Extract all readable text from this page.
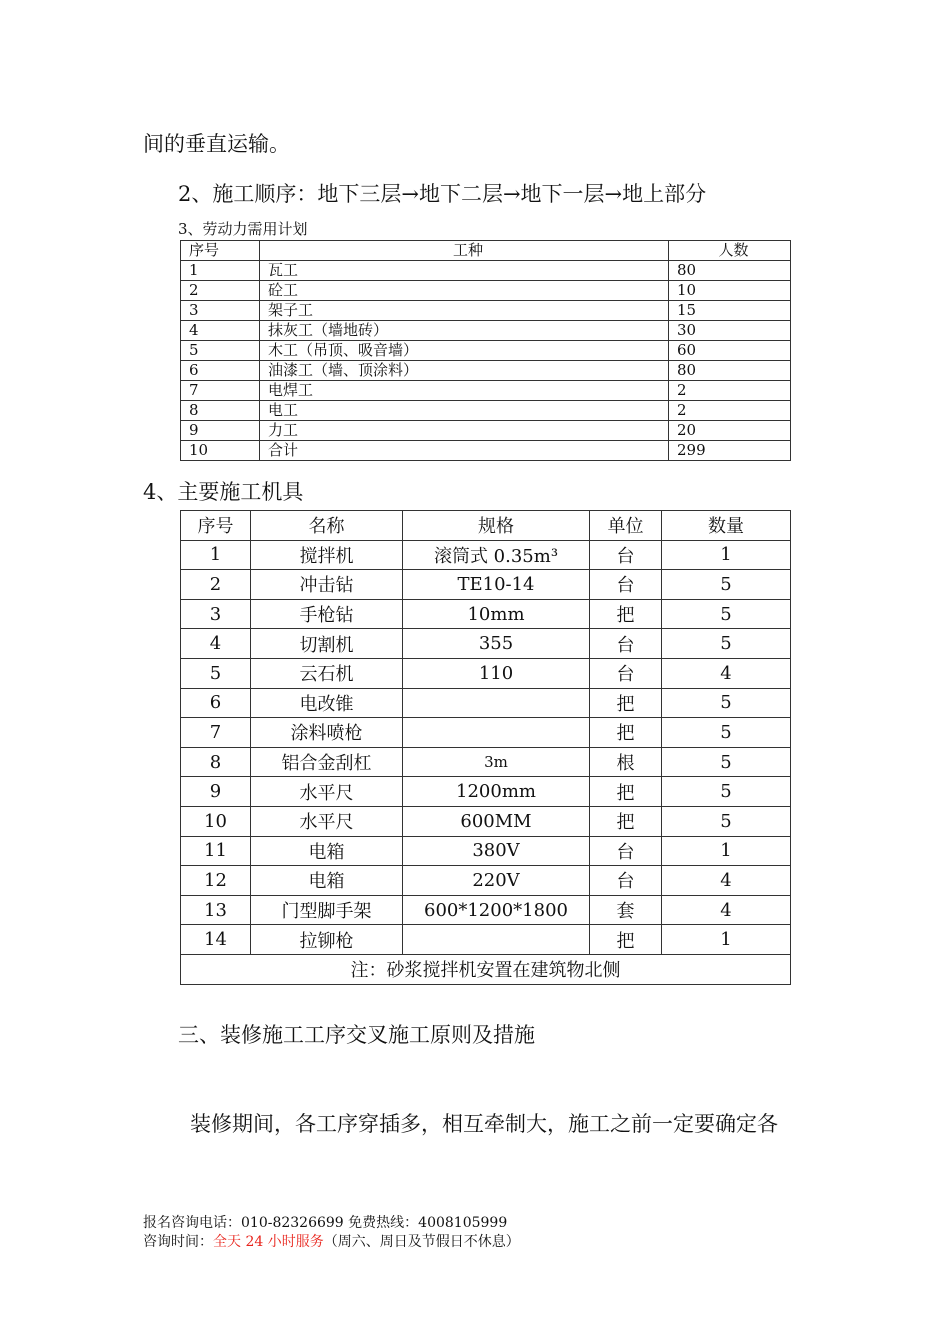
间的垂直运输。
2、施工顺序：地下三层→地下二层→地下一层→地上部分
3、劳动力需用计划
序号	工种	人数
1	瓦工	80
2	砼工	10
3	架子工	15
4	抹灰工（墙地砖）	30
5	木工（吊顶、吸音墙）	60
6	油漆工（墙、顶涂料）	80
7	电焊工	2
8	电工	2
9	力工	20
10	合计	299
4、主要施工机具
序号	名称	规格	单位	数量
1	搅拌机	滚筒式 0.35m³	台	1
2	冲击钻	TE10-14	台	5
3	手枪钻	10mm	把	5
4	切割机	355	台	5
5	云石机	110	台	4
6	电改锥		把	5
7	涂料喷枪		把	5
8	铝合金刮杠	3m	根	5
9	水平尺	1200mm	把	5
10	水平尺	600MM	把	5
11	电箱	380V	台	1
12	电箱	220V	台	4
13	门型脚手架	600*1200*1800	套	4
14	拉铆枪		把	1
注：砂浆搅拌机安置在建筑物北侧				
三、装修施工工序交叉施工原则及措施
装修期间，各工序穿插多，相互牵制大，施工之前一定要确定各
报名咨询电话：010-82326699 免费热线：4008105999
咨询时间：全天 24 小时服务（周六、周日及节假日不休息）
